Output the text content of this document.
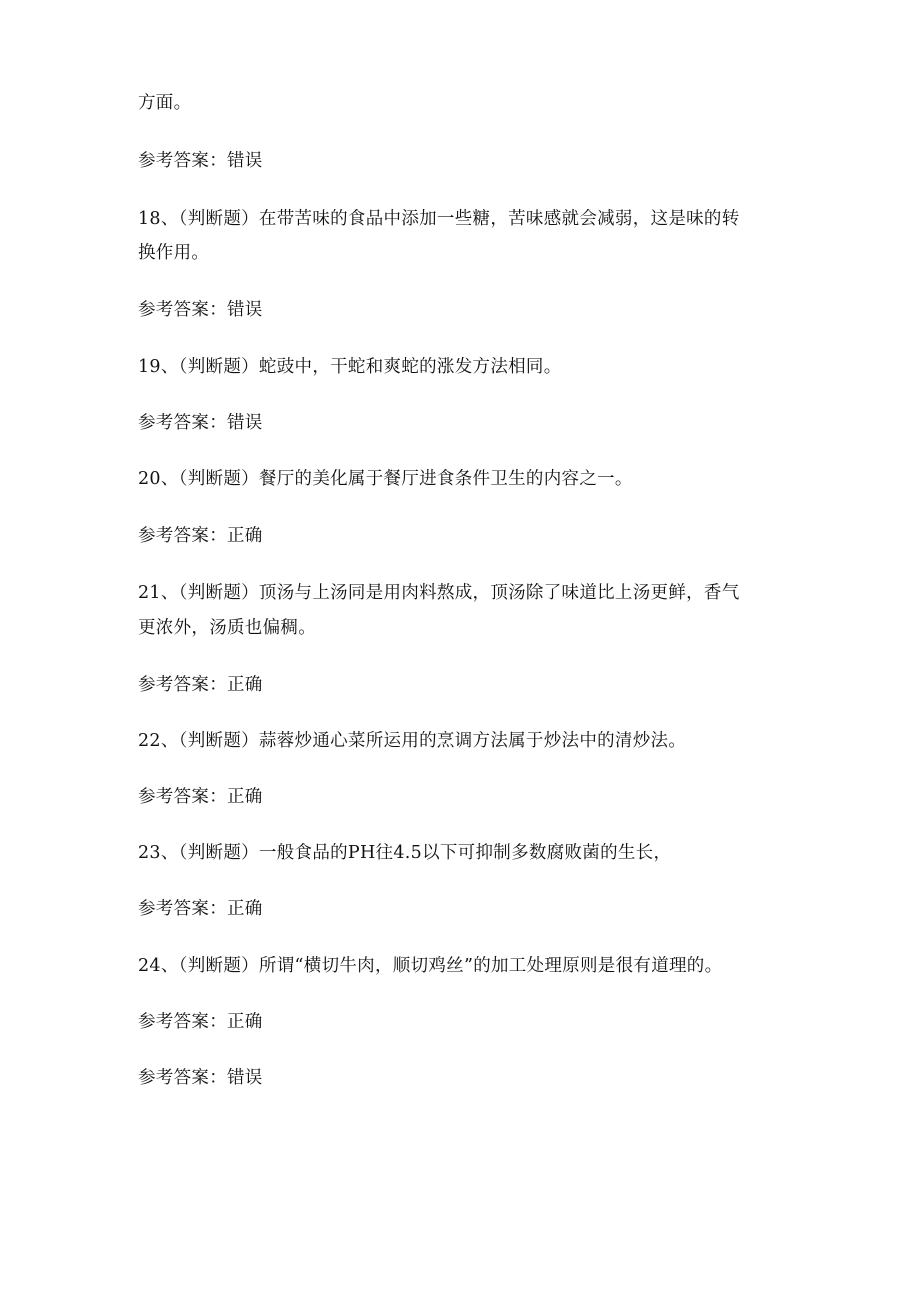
方面。
参考答案：错误
18、（判断题）在带苦味的食品中添加一些糖，苦味感就会减弱，这是味的转
换作用。
参考答案：错误
19、（判断题）蛇豉中，干蛇和爽蛇的涨发方法相同。
参考答案：错误
20、（判断题）餐厅的美化属于餐厅进食条件卫生的内容之一。
参考答案：正确
21、（判断题）顶汤与上汤同是用肉料熬成，顶汤除了味道比上汤更鲜，香气
更浓外，汤质也偏稠。
参考答案：正确
22、（判断题）蒜蓉炒通心菜所运用的烹调方法属于炒法中的清炒法。
参考答案：正确
23、（判断题）一般食品的PH往4.5以下可抑制多数腐败菌的生长，
参考答案：正确
24、（判断题）所谓“横切牛肉，顺切鸡丝”的加工处理原则是很有道理的。
参考答案：正确
参考答案：错误
